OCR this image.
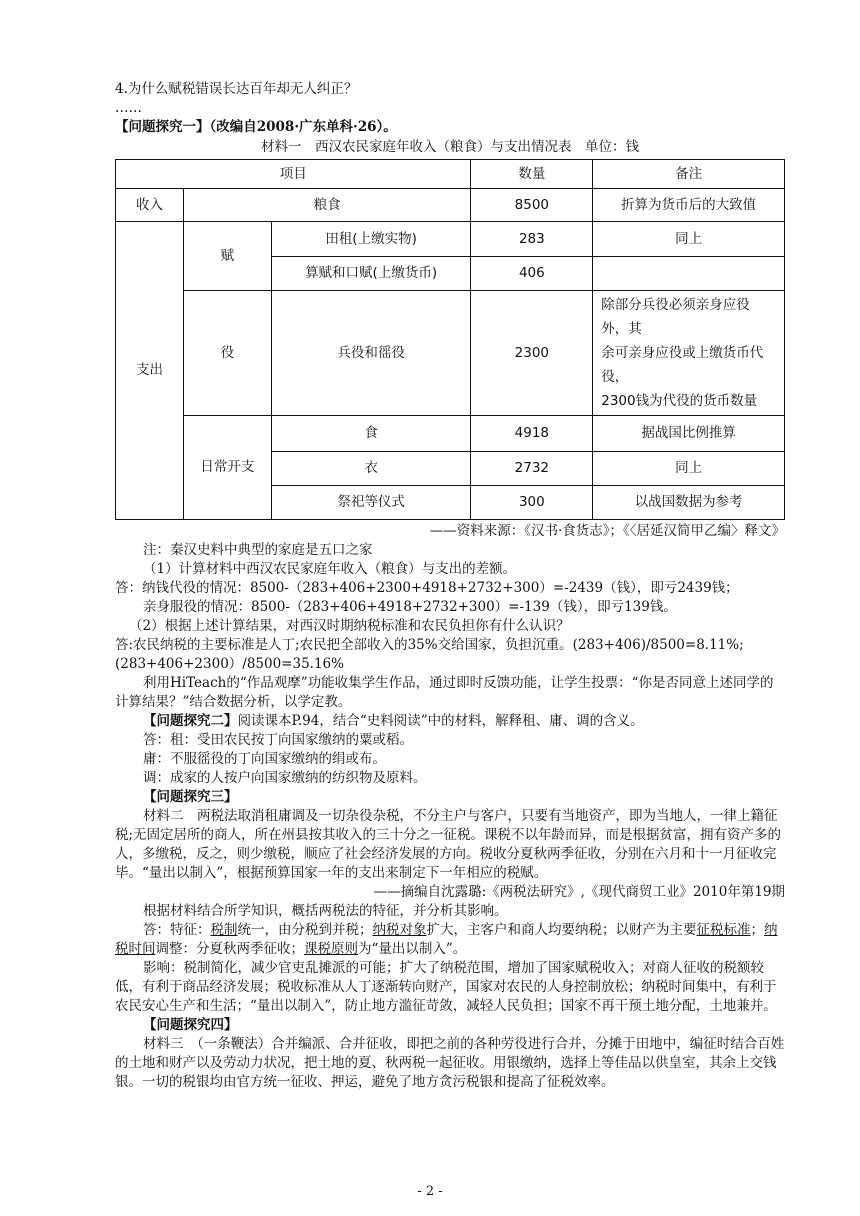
4.为什么赋税错误长达百年却无人纠正？

……

【问题探究一】（改编自2008·广东单科·26）。

材料一　西汉农民家庭年收入（粮食）与支出情况表　单位：钱

项目			数量	备注
收入	粮食		8500	折算为货币后的大致值
支出	赋	田租(上缴实物)	283	同上
		算赋和口赋(上缴货币)	406	
	役	兵役和徭役	2300	除部分兵役必须亲身应役外，其
余可亲身应役或上缴货币代役，
2300钱为代役的货币数量

	日常开支	食	4918	据战国比例推算
		衣	2732	同上
		祭祀等仪式	300	以战国数据为参考

——资料来源：《汉书·食货志》；《〈居延汉简甲乙编〉释文》

注：秦汉史料中典型的家庭是五口之家

（1）计算材料中西汉农民家庭年收入（粮食）与支出的差额。

答：纳钱代役的情况：8500-（283+406+2300+4918+2732+300）=-2439（钱），即亏2439钱；

亲身服役的情况：8500-（283+406+4918+2732+300）=-139（钱），即亏139钱。

（2）根据上述计算结果，对西汉时期纳税标准和农民负担你有什么认识？

答:农民纳税的主要标准是人丁;农民把全部收入的35%交给国家，负担沉重。(283+406)/8500=8.11%;(283+406+2300）/8500=35.16%

利用HiTeach的“作品观摩”功能收集学生作品，通过即时反馈功能，让学生投票：“你是否同意上述同学的计算结果？”结合数据分析，以学定教。

【问题探究二】阅读课本P.94，结合“史料阅读”中的材料，解释租、庸、调的含义。

答：租：受田农民按丁向国家缴纳的粟或稻。

庸：不服徭役的丁向国家缴纳的绢或布。

调：成家的人按户向国家缴纳的纺织物及原料。

【问题探究三】

材料二　两税法取消租庸调及一切杂役杂税，不分主户与客户，只要有当地资产，即为当地人，一律上籍征税;无固定居所的商人，所在州县按其收入的三十分之一征税。课税不以年龄而异，而是根据贫富，拥有资产多的人，多缴税，反之，则少缴税，顺应了社会经济发展的方向。税收分夏秋两季征收，分别在六月和十一月征收完毕。“量出以制入”，根据预算国家一年的支出来制定下一年相应的税赋。

——摘编自沈露璐:《两税法研究》,《现代商贸工业》2010年第19期

根据材料结合所学知识，概括两税法的特征，并分析其影响。

答：特征：税制统一，由分税到并税；纳税对象扩大，主客户和商人均要纳税；以财产为主要征税标准；纳税时间调整：分夏秋两季征收；课税原则为“量出以制入”。

影响：税制简化，减少官吏乱摊派的可能；扩大了纳税范围，增加了国家赋税收入；对商人征收的税额较低，有利于商品经济发展；税收标准从人丁逐渐转向财产，国家对农民的人身控制放松；纳税时间集中，有利于农民安心生产和生活；“量出以制入”，防止地方滥征苛敛，减轻人民负担；国家不再干预土地分配，土地兼并。

【问题探究四】

材料三　（一条鞭法）合并编派、合并征收，即把之前的各种劳役进行合并，分摊于田地中，编征时结合百姓的土地和财产以及劳动力状况，把土地的夏、秋两税一起征收。用银缴纳，选择上等佳品以供皇室，其余上交钱银。一切的税银均由官方统一征收、押运，避免了地方贪污税银和提高了征税效率。

- 2 -
